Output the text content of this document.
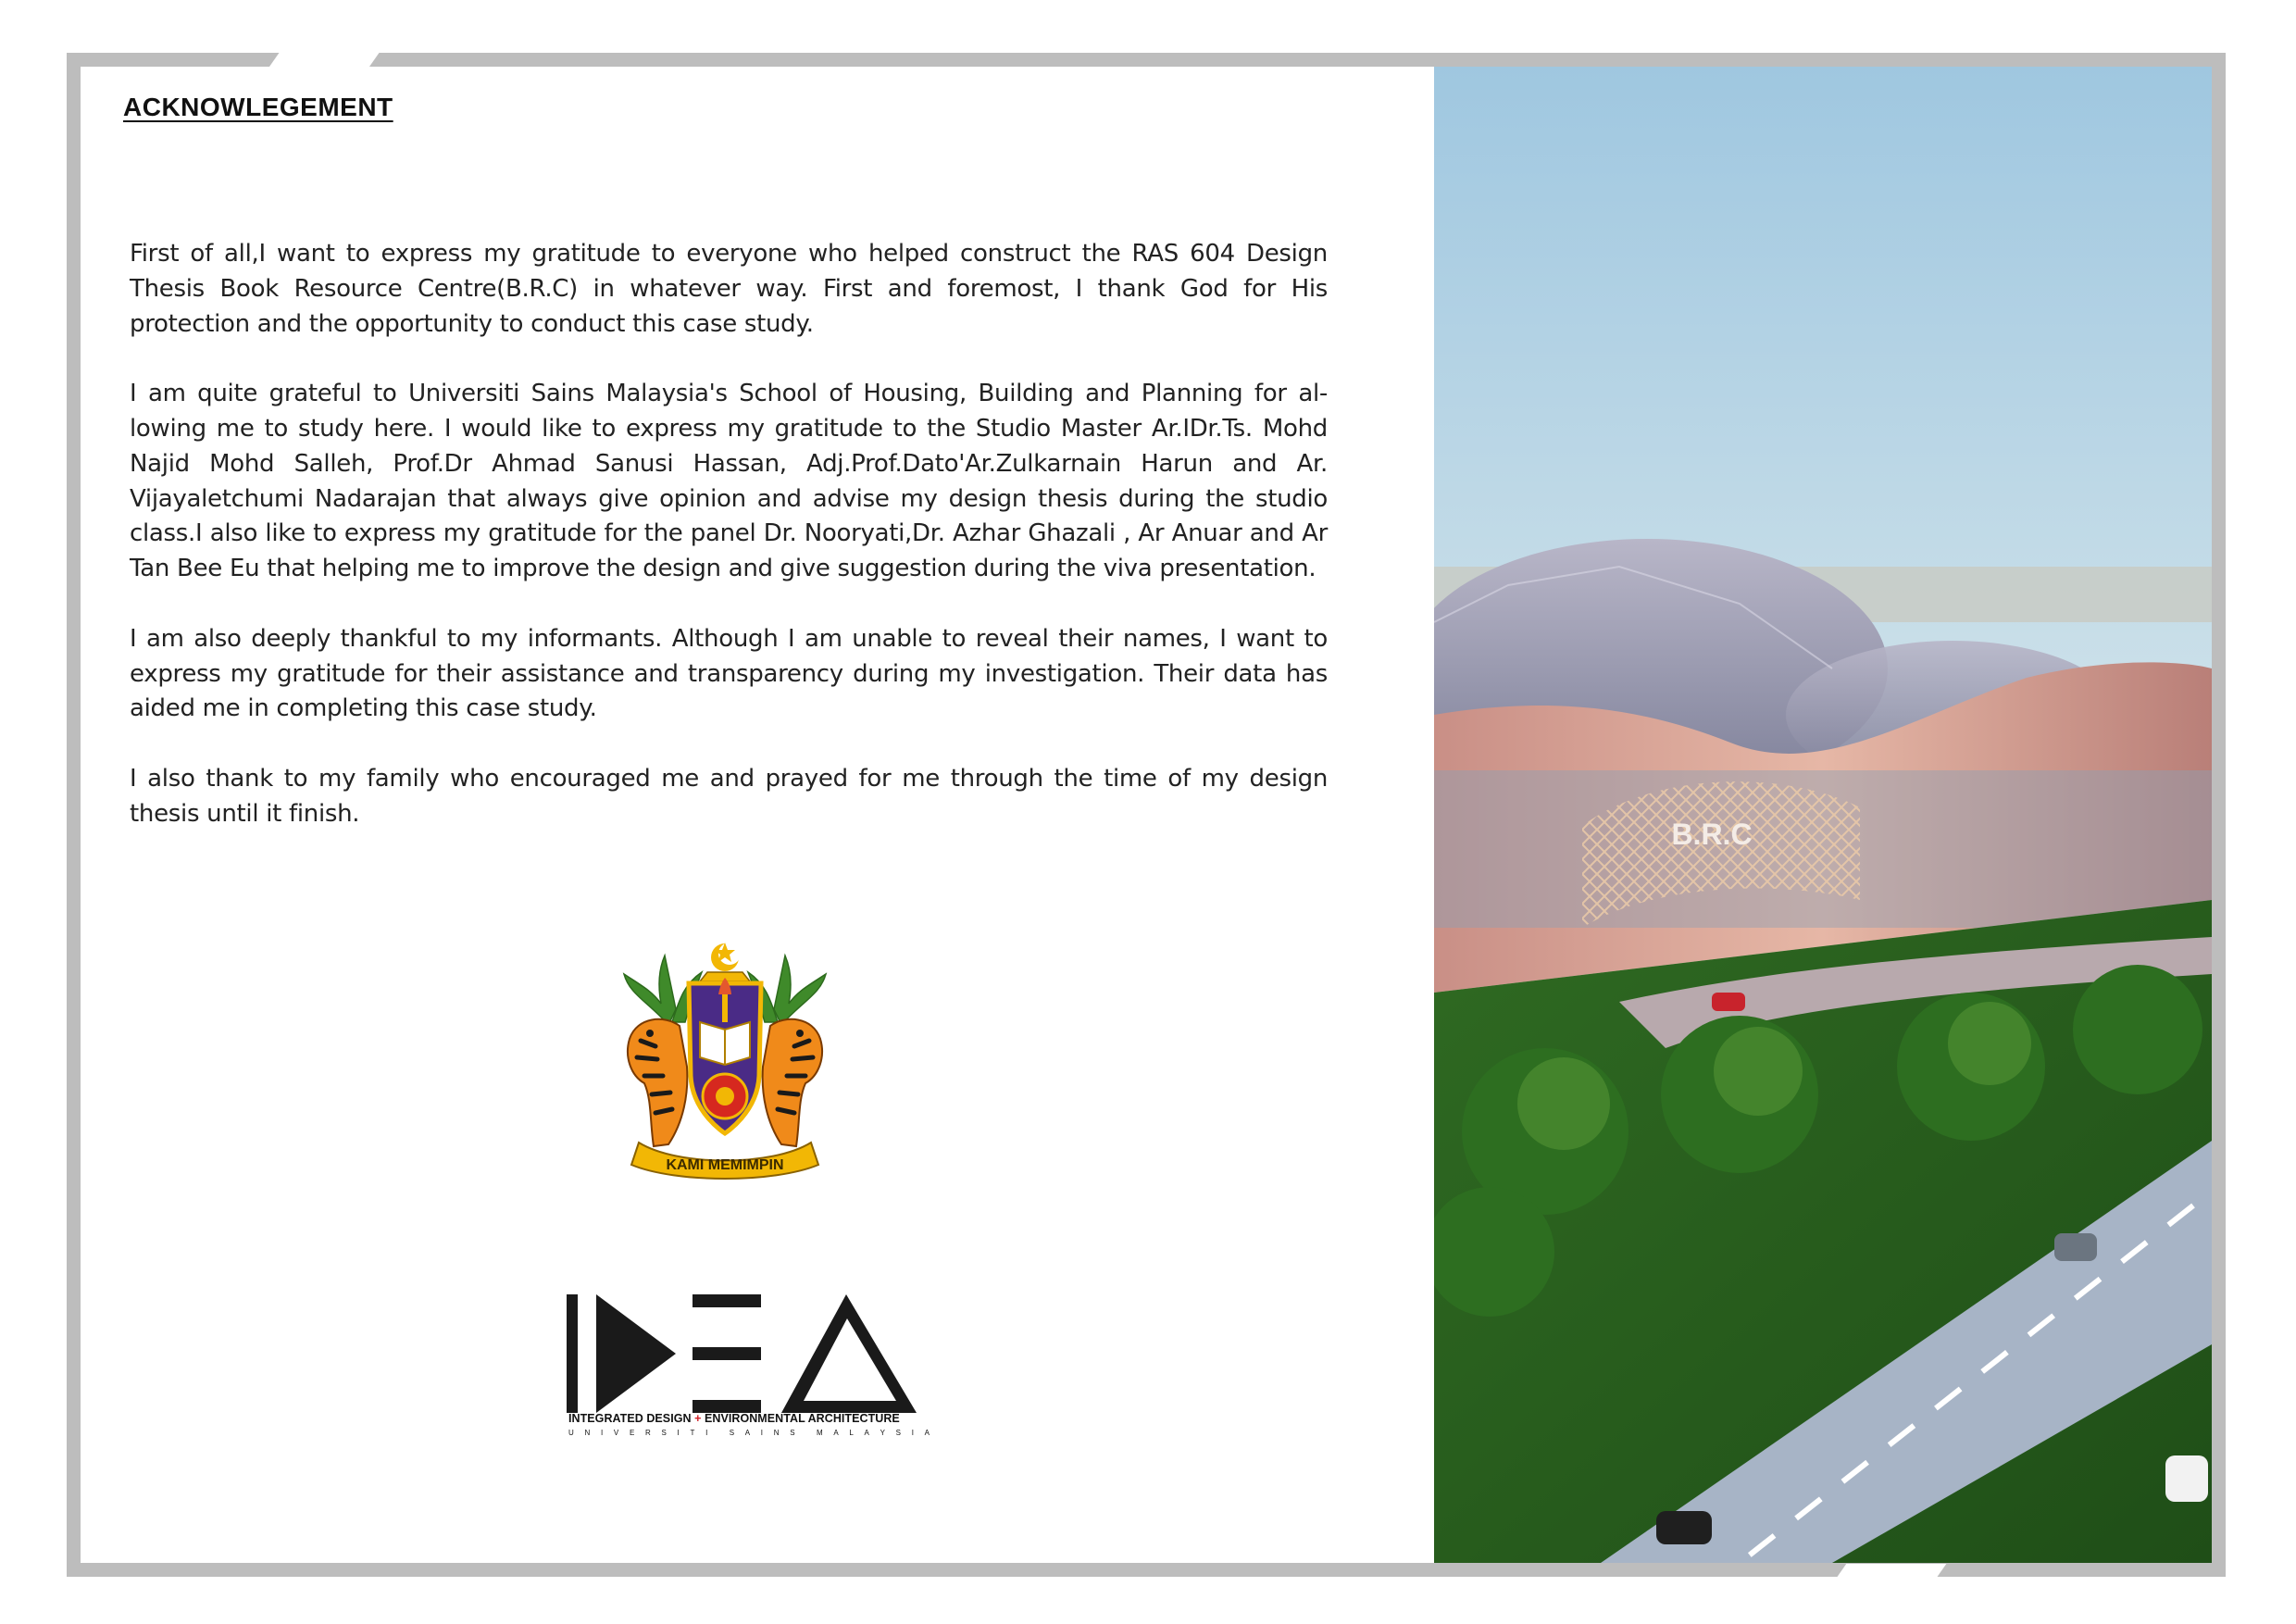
ACKNOWLEGEMENT

First of all,I want to express my gratitude to everyone who helped construct the RAS 604 Design Thesis Book Resource Centre(B.R.C) in whatever way. First and foremost, I thank God for His protection and the opportunity to conduct this case study.

I am quite grateful to Universiti Sains Malaysia's School of Housing, Building and Planning for al-lowing me to study here. I would like to express my gratitude to the Studio Master Ar.IDr.Ts. Mohd Najid Mohd Salleh, Prof.Dr Ahmad Sanusi Hassan, Adj.Prof.Dato'Ar.Zulkarnain Harun and Ar. Vijayaletchumi Nadarajan that always give opinion and advise my design thesis during the studio class.I also like to express my gratitude for the panel Dr. Nooryati,Dr. Azhar Ghazali , Ar Anuar and Ar Tan Bee Eu that helping me to improve the design and give suggestion during the viva presentation.

I am also deeply thankful to my informants. Although I am unable to reveal their names, I want to express my gratitude for their assistance and transparency during my investigation. Their data has aided me in completing this case study.

I also thank to my family who encouraged me and prayed for me through the time of my design thesis until it finish.

KAMI MEMIMPIN
INTEGRATED DESIGN + ENVIRONMENTAL ARCHITECTURE
U N I V E R S I T I	S A I N S	M A L A Y S I A
B.R.C
